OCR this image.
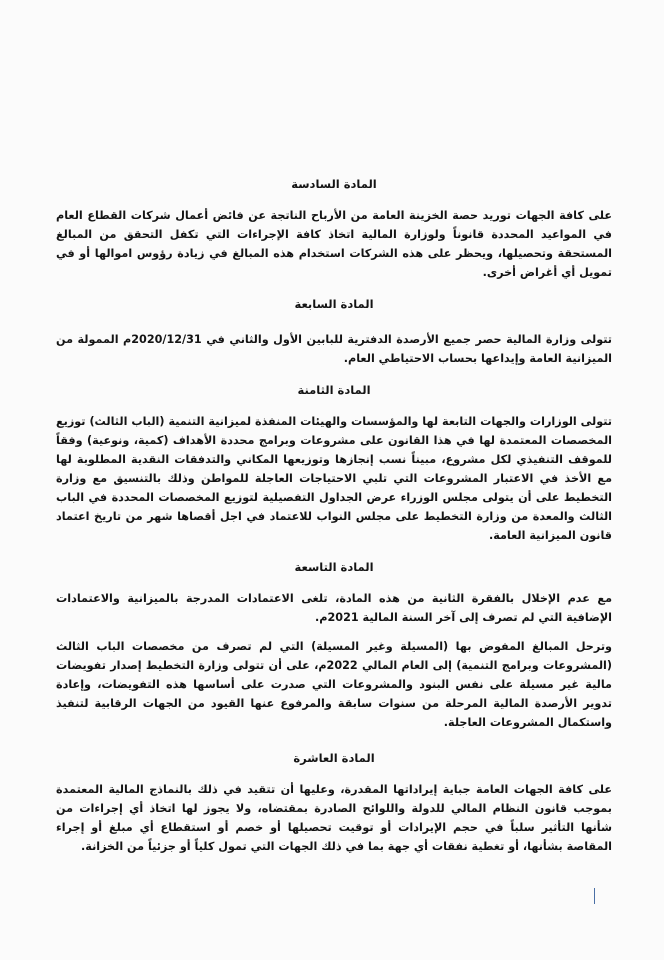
المادة السادسة

على كافة الجهات توريد حصة الخزينة العامة من الأرباح الناتجة عن فائض أعمال شركات القطاع العام في المواعيد المحددة قانوناً ولوزارة المالية اتخاذ كافة الإجراءات التي تكفل التحقق من المبالغ المستحقة وتحصيلها، ويحظر على هذه الشركات استخدام هذه المبالغ في زيادة رؤوس اموالها أو في تمويل أي أغراض أخرى.

المادة السابعة

تتولى وزارة المالية حصر جميع الأرصدة الدفترية للبابين الأول والثاني في 2020/12/31م الممولة من الميزانية العامة وإيداعها بحساب الاحتياطي العام.

المادة الثامنة

تتولى الوزارات والجهات التابعة لها والمؤسسات والهيئات المنفذة لميزانية التنمية (الباب الثالث) توزيع المخصصات المعتمدة لها في هذا القانون على مشروعات وبرامج محددة الأهداف (كمية، ونوعية) وفقاً للموقف التنفيذي لكل مشروع، مبيناً نسب إنجازها وتوزيعها المكاني والتدفقات النقدية المطلوبة لها مع الأخذ في الاعتبار المشروعات التي تلبي الاحتياجات العاجلة للمواطن وذلك بالتنسيق مع وزارة التخطيط على أن يتولى مجلس الوزراء عرض الجداول التفصيلية لتوزيع المخصصات المحددة في الباب الثالث والمعدة من وزارة التخطيط على مجلس النواب للاعتماد في اجل أقصاها شهر من تاريخ اعتماد قانون الميزانية العامة.

المادة التاسعة

مع عدم الإخلال بالفقرة الثانية من هذه المادة، تلغى الاعتمادات المدرجة بالميزانية والاعتمادات الإضافية التي لم تصرف إلى آخر السنة المالية 2021م.

وترحل المبالغ المفوض بها (المسيلة وغير المسيلة) التي لم تصرف من مخصصات الباب الثالث (المشروعات وبرامج التنمية) إلى العام المالي 2022م، على أن تتولى وزارة التخطيط إصدار تفويضات مالية غير مسيلة على نفس البنود والمشروعات التي صدرت على أساسها هذه التفويضات، وإعادة تدوير الأرصدة المالية المرحلة من سنوات سابقة والمرفوع عنها القيود من الجهات الرقابية لتنفيذ واستكمال المشروعات العاجلة.

المادة العاشرة

على كافة الجهات العامة جباية إيراداتها المقدرة، وعليها أن تتقيد في ذلك بالنماذج المالية المعتمدة بموجب قانون النظام المالي للدولة واللوائح الصادرة بمقتضاه، ولا يجوز لها اتخاذ أي إجراءات من شأنها التأثير سلباً في حجم الإيرادات أو توقيت تحصيلها أو خصم أو استقطاع أي مبلغ أو إجراء المقاصة بشأنها، أو تغطية نفقات أي جهة بما في ذلك الجهات التي تمول كلياً أو جزئياً من الخزانة.
